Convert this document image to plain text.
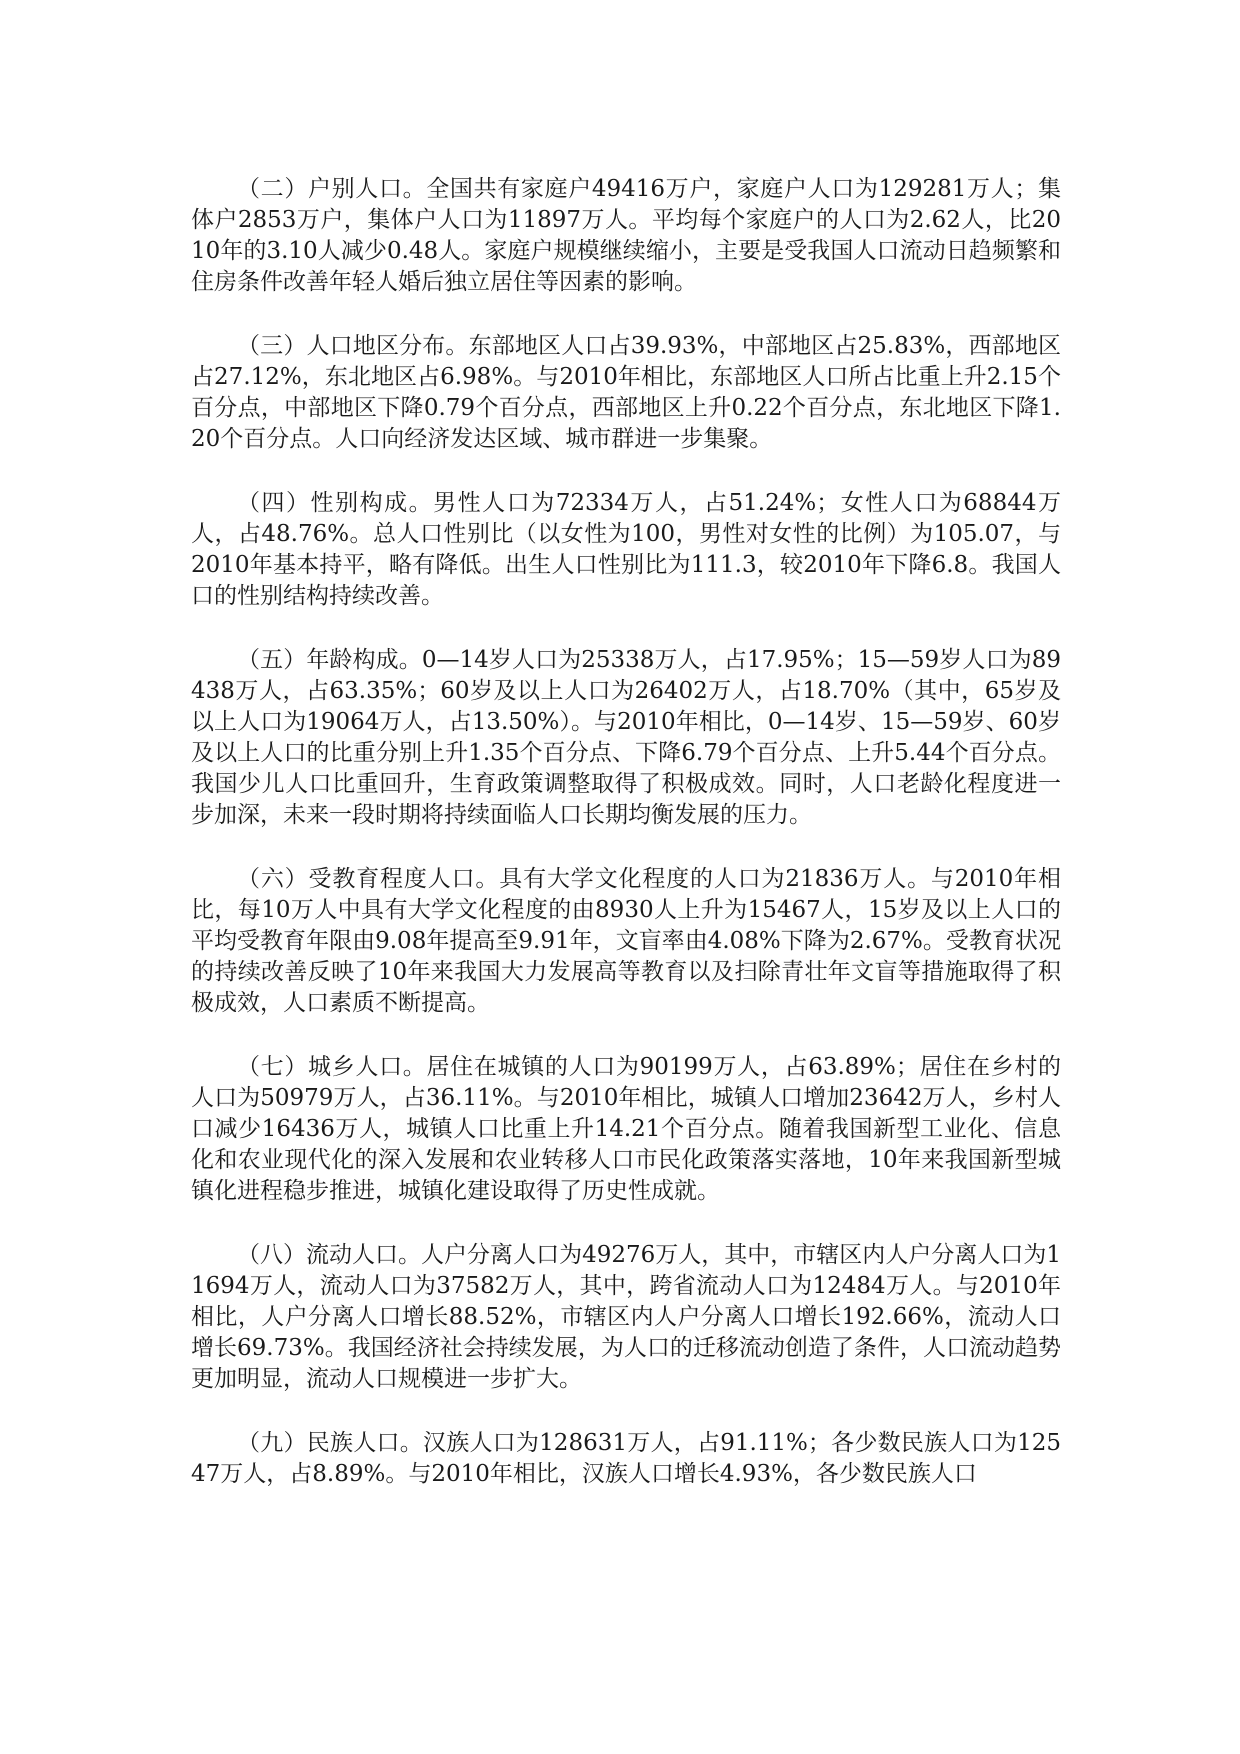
（二）户别人口。全国共有家庭户49416万户，家庭户人口为129281万人；集体户2853万户，集体户人口为11897万人。平均每个家庭户的人口为2.62人，比2010年的3.10人减少0.48人。家庭户规模继续缩小，主要是受我国人口流动日趋频繁和住房条件改善年轻人婚后独立居住等因素的影响。

（三）人口地区分布。东部地区人口占39.93%，中部地区占25.83%，西部地区占27.12%，东北地区占6.98%。与2010年相比，东部地区人口所占比重上升2.15个百分点，中部地区下降0.79个百分点，西部地区上升0.22个百分点，东北地区下降1.20个百分点。人口向经济发达区域、城市群进一步集聚。

（四）性别构成。男性人口为72334万人，占51.24%；女性人口为68844万人，占48.76%。总人口性别比（以女性为100，男性对女性的比例）为105.07，与2010年基本持平，略有降低。出生人口性别比为111.3，较2010年下降6.8。我国人口的性别结构持续改善。

（五）年龄构成。0—14岁人口为25338万人，占17.95%；15—59岁人口为89438万人，占63.35%；60岁及以上人口为26402万人，占18.70%（其中，65岁及以上人口为19064万人，占13.50%）。与2010年相比，0—14岁、15—59岁、60岁及以上人口的比重分别上升1.35个百分点、下降6.79个百分点、上升5.44个百分点。我国少儿人口比重回升，生育政策调整取得了积极成效。同时，人口老龄化程度进一步加深，未来一段时期将持续面临人口长期均衡发展的压力。

（六）受教育程度人口。具有大学文化程度的人口为21836万人。与2010年相比，每10万人中具有大学文化程度的由8930人上升为15467人，15岁及以上人口的平均受教育年限由9.08年提高至9.91年，文盲率由4.08%下降为2.67%。受教育状况的持续改善反映了10年来我国大力发展高等教育以及扫除青壮年文盲等措施取得了积极成效，人口素质不断提高。

（七）城乡人口。居住在城镇的人口为90199万人，占63.89%；居住在乡村的人口为50979万人，占36.11%。与2010年相比，城镇人口增加23642万人，乡村人口减少16436万人，城镇人口比重上升14.21个百分点。随着我国新型工业化、信息化和农业现代化的深入发展和农业转移人口市民化政策落实落地，10年来我国新型城镇化进程稳步推进，城镇化建设取得了历史性成就。

（八）流动人口。人户分离人口为49276万人，其中，市辖区内人户分离人口为11694万人，流动人口为37582万人，其中，跨省流动人口为12484万人。与2010年相比，人户分离人口增长88.52%，市辖区内人户分离人口增长192.66%，流动人口增长69.73%。我国经济社会持续发展，为人口的迁移流动创造了条件，人口流动趋势更加明显，流动人口规模进一步扩大。

（九）民族人口。汉族人口为128631万人，占91.11%；各少数民族人口为12547万人，占8.89%。与2010年相比，汉族人口增长4.93%，各少数民族人口
